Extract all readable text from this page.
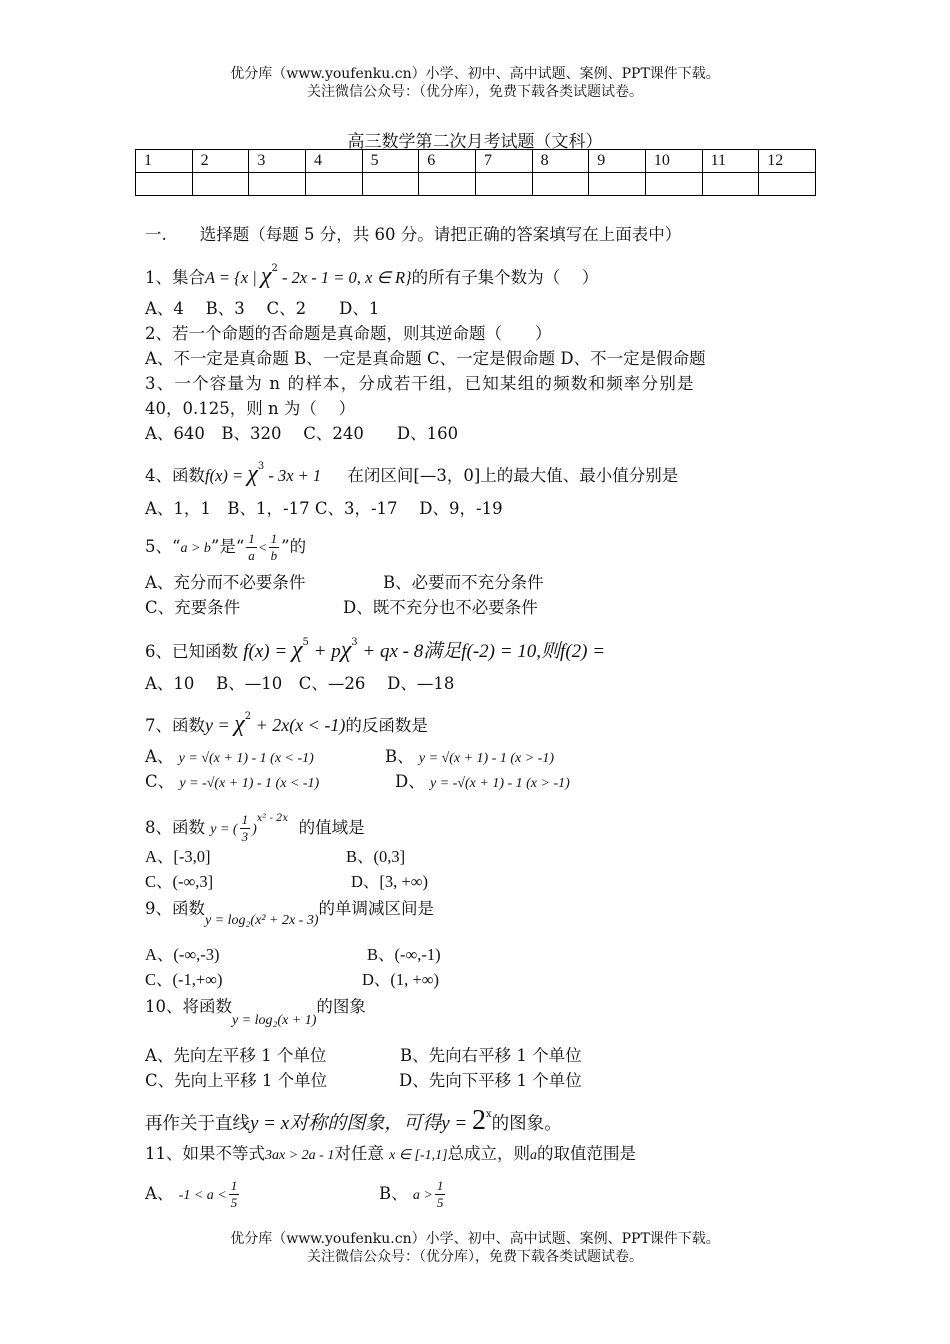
优分库（www.youfenku.cn）小学、初中、高中试题、案例、PPT课件下载。
关注微信公众号：（优分库），免费下载各类试题试卷。
高三数学第二次月考试题（文科）
1	2	3	4	5	6	7	8	9	10	11	12

一.　　选择题（每题 5 分，共 60 分。请把正确的答案填写在上面表中）
1、集合A = {x | $\chi^2 - 2x - 1 = 0$, x ∈ R}的所有子集个数为（　 ）
A、4　 B、3　 C、2　　D、1
2、若一个命题的否命题是真命题，则其逆命题（　　）
A、不一定是真命题 B、一定是真命题 C、一定是假命题 D、不一定是假命题
3、一个容量为 n 的样本，分成若干组，已知某组的频数和频率分别是
40，0.125，则 n 为（　 ）
A、640　B、320　 C、240　　D、160
4、函数$f(x) = \chi^3 - 3x + 1$ 在闭区间[—3，0]上的最大值、最小值分别是
A、1，1　B、1，-17 C、3，-17　 D、9，-19
5、“a > b”是“ $\frac{1}{a} < \frac{1}{b}$ ”的
A、充分而不必要条件	B、必要而不充分条件
C、充要条件	D、既不充分也不必要条件
6、已知函数 $f(x) = \chi^5 + p\chi^3$ + qx - 8满足f(-2) = 10,则f(2) =
A、10　 B、—10　C、—26　 D、—18
7、函数$y = \chi^2 + 2x(x < -1)$的反函数是
A、 y = √(x + 1) - 1 (x < -1)	B、 y = √(x + 1) - 1 (x > -1)
C、 y = -√(x + 1) - 1 (x < -1)	D、 y = -√(x + 1) - 1 (x > -1)
8、函数 y = ( $\frac{1}{3} )^{x^2 - 2x}$ 的值域是
A、[-3,0]	B、(0,3]
C、(-∞,3]	D、[3, +∞)
9、函数$_{y = log_2(x^2 + 2x - 3)}$的单调减区间是
A、(-∞,-3)	B、(-∞,-1)
C、(-1,+∞)	D、(1, +∞)
10、将函数$_{y = log_2(x + 1)}$的图象
A、先向左平移 1 个单位	B、先向右平移 1 个单位
C、先向上平移 1 个单位	D、先向下平移 1 个单位
再作关于直线y = x对称的图象，可得$y = 2^x$的图象。
11、如果不等式3ax > 2a - 1对任意 x ∈ [-1,1]总成立，则a的取值范围是
A、 $-1 < a < \frac{1}{5}$	B、 $a > \frac{1}{5}$
优分库（www.youfenku.cn）小学、初中、高中试题、案例、PPT课件下载。
关注微信公众号：（优分库），免费下载各类试题试卷。
